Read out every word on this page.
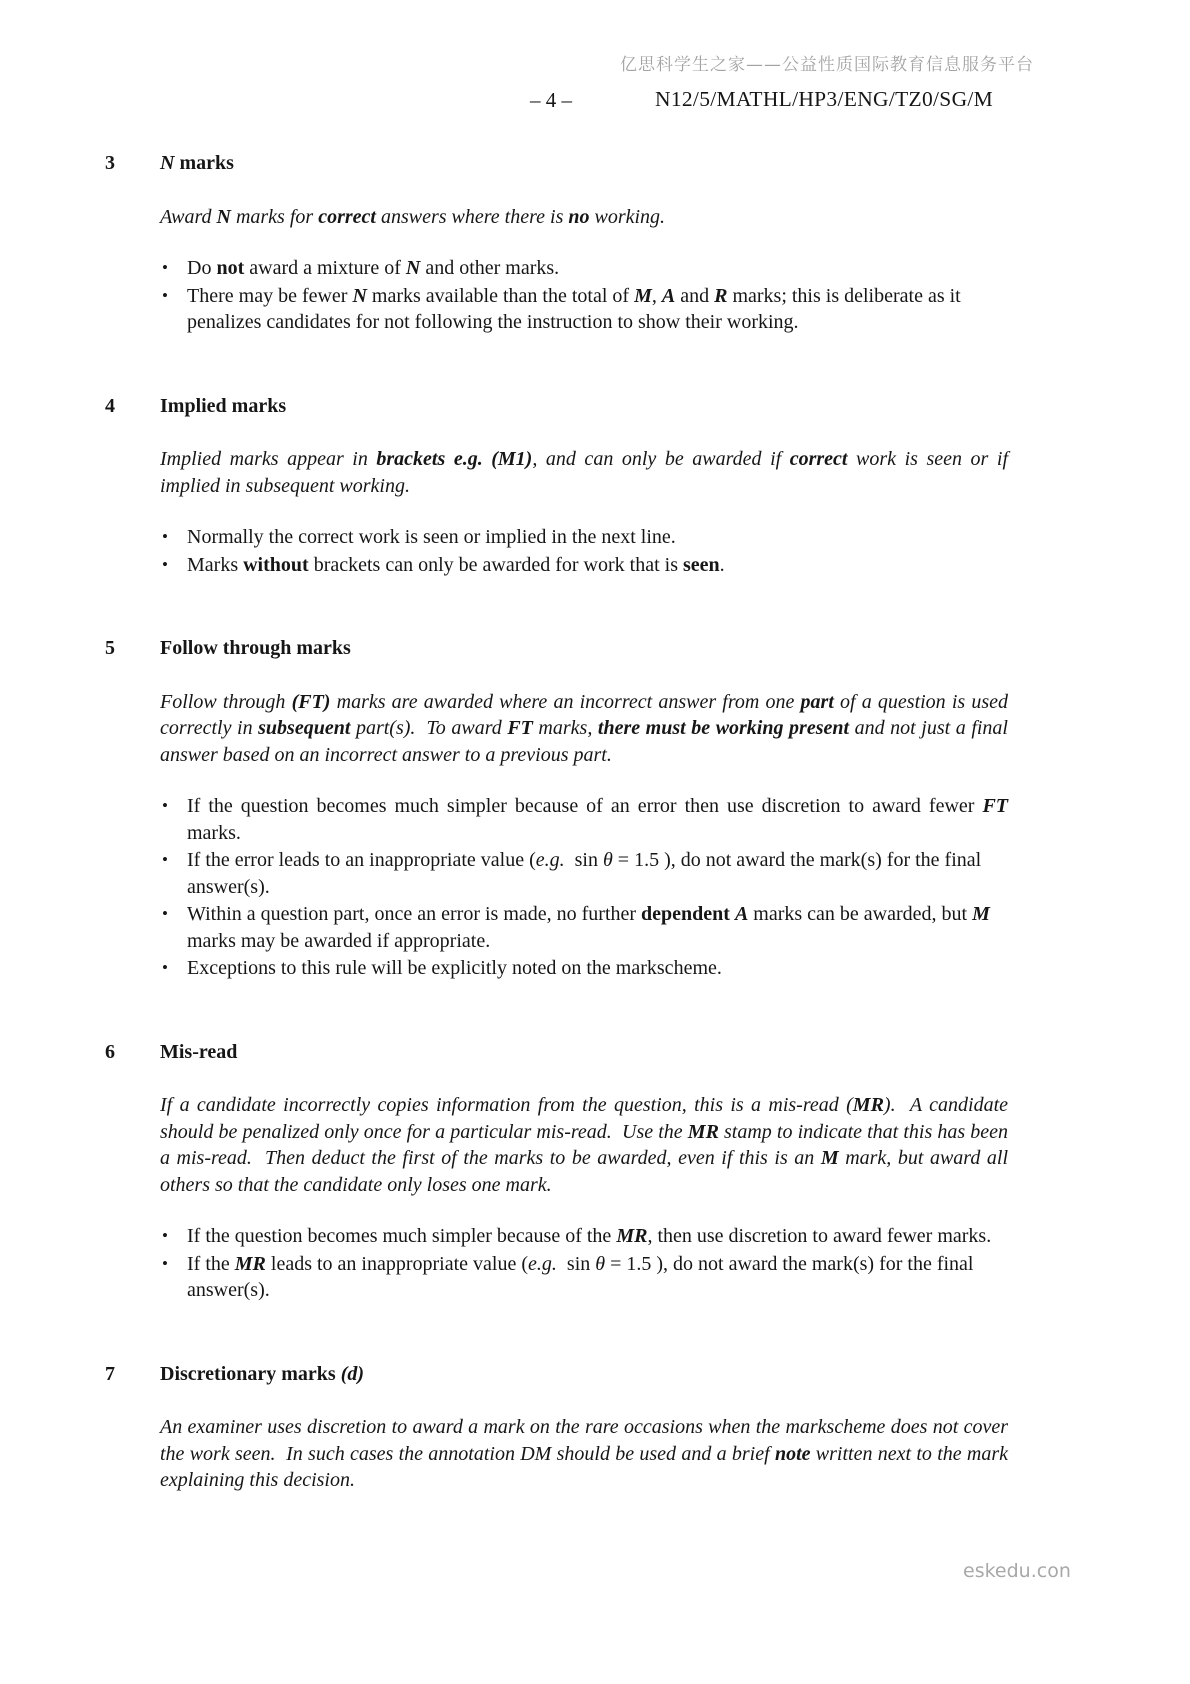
亿思科学生之家——公益性质国际教育信息服务平台
– 4 –	N12/5/MATHL/HP3/ENG/TZ0/SG/M
3 N marks

Award N marks for correct answers where there is no working.

• Do not award a mixture of N and other marks.
• There may be fewer N marks available than the total of M, A and R marks; this is deliberate as it penalizes candidates for not following the instruction to show their working.
4 Implied marks

Implied marks appear in brackets e.g. (M1), and can only be awarded if correct work is seen or if implied in subsequent working.

• Normally the correct work is seen or implied in the next line.
• Marks without brackets can only be awarded for work that is seen.
5 Follow through marks

Follow through (FT) marks are awarded where an incorrect answer from one part of a question is used correctly in subsequent part(s).  To award FT marks, there must be working present and not just a final answer based on an incorrect answer to a previous part.

• If the question becomes much simpler because of an error then use discretion to award fewer FT marks.
• If the error leads to an inappropriate value (e.g.  sin θ = 1.5 ), do not award the mark(s) for the final answer(s).
• Within a question part, once an error is made, no further dependent A marks can be awarded, but M marks may be awarded if appropriate.
• Exceptions to this rule will be explicitly noted on the markscheme.
6 Mis-read

If a candidate incorrectly copies information from the question, this is a mis-read (MR).  A candidate should be penalized only once for a particular mis-read.  Use the MR stamp to indicate that this has been a mis-read.  Then deduct the first of the marks to be awarded, even if this is an M mark, but award all others so that the candidate only loses one mark.

• If the question becomes much simpler because of the MR, then use discretion to award fewer marks.
• If the MR leads to an inappropriate value (e.g.  sin θ = 1.5 ), do not award the mark(s) for the final answer(s).
7 Discretionary marks (d)

An examiner uses discretion to award a mark on the rare occasions when the markscheme does not cover the work seen.  In such cases the annotation DM should be used and a brief note written next to the mark explaining this decision.

eskedu.con
